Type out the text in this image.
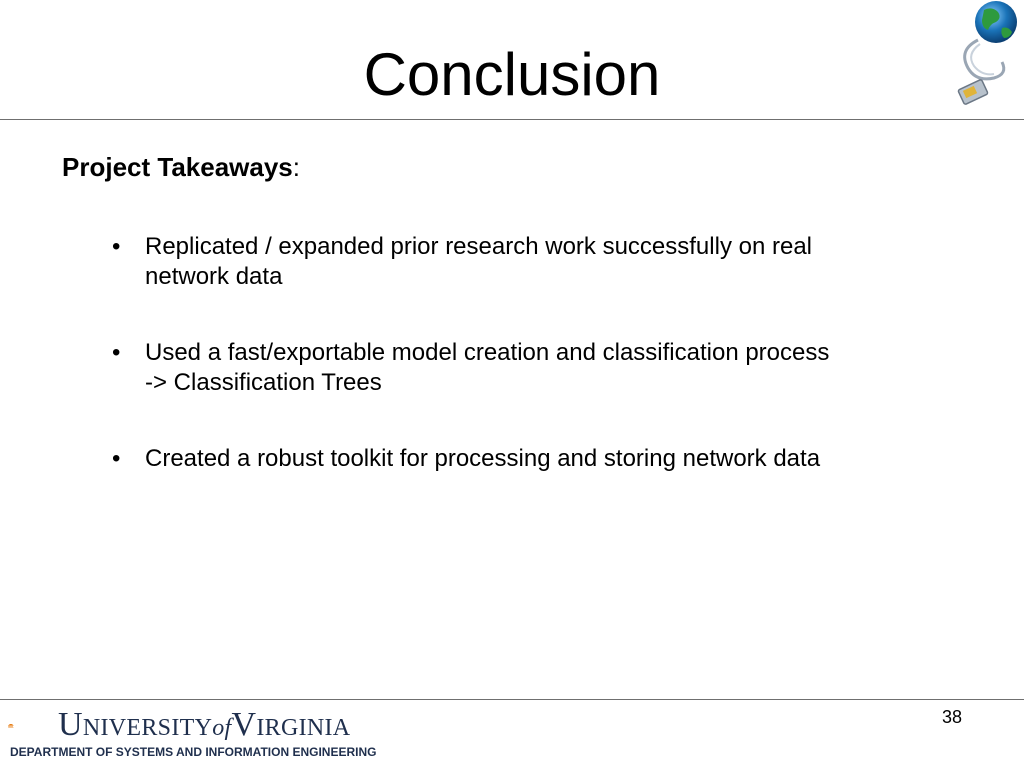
Conclusion
Project Takeaways:
• Replicated / expanded prior research work successfully on real
network data
• Used a fast/exportable model creation and classification process
-> Classification Trees
• Created a robust toolkit for processing and storing network data
38
UNIVERSITYofVIRGINIA
DEPARTMENT OF SYSTEMS AND INFORMATION ENGINEERING
